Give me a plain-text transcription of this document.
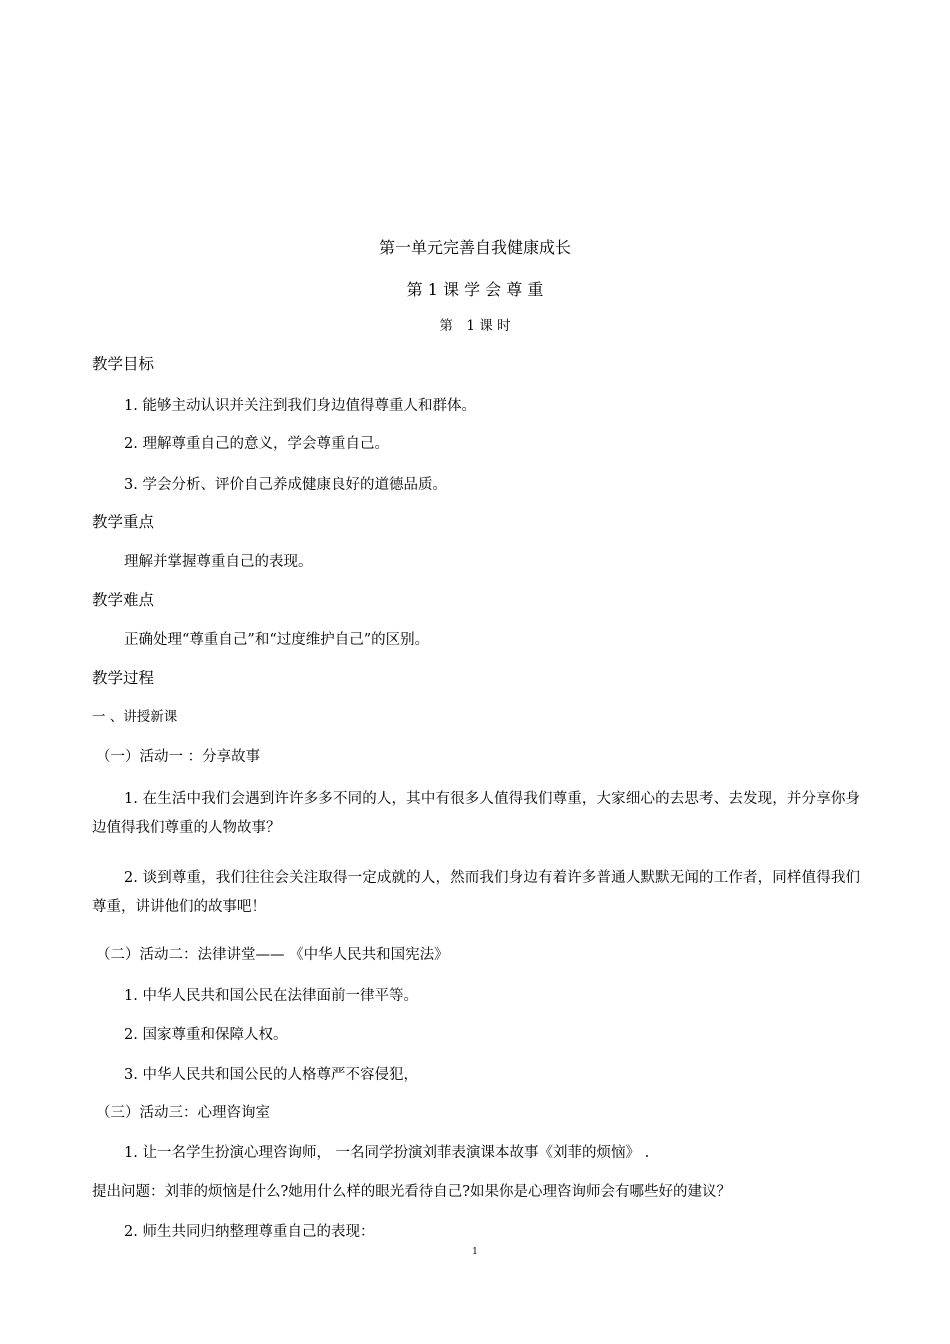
第一单元完善自我健康成长
第 1 课 学 会 尊 重
第　1 课 时
教学目标
1. 能够主动认识并关注到我们身边值得尊重人和群体。
2. 理解尊重自己的意义，学会尊重自己。
3. 学会分析、评价自己养成健康良好的道德品质。
教学重点
理解并掌握尊重自己的表现。
教学难点
正确处理“尊重自己”和“过度维护自己”的区别。
教学过程
一 、讲授新课
（一）活动一 ：分享故事
1. 在生活中我们会遇到许许多多不同的人，其中有很多人值得我们尊重，大家细心的去思考、去发现，并分享你身边值得我们尊重的人物故事？
2. 谈到尊重，我们往往会关注取得一定成就的人，然而我们身边有着许多普通人默默无闻的工作者，同样值得我们尊重，讲讲他们的故事吧！
（二）活动二：法律讲堂—— 《中华人民共和国宪法》
1. 中华人民共和国公民在法律面前一律平等。
2. 国家尊重和保障人权。
3. 中华人民共和国公民的人格尊严不容侵犯，
（三）活动三：心理咨询室
1. 让一名学生扮演心理咨询师， 一名同学扮演刘菲表演课本故事《刘菲的烦恼》 .
提出问题：刘菲的烦恼是什么?她用什么样的眼光看待自己?如果你是心理咨询师会有哪些好的建议？
2. 师生共同归纳整理尊重自己的表现：
1
